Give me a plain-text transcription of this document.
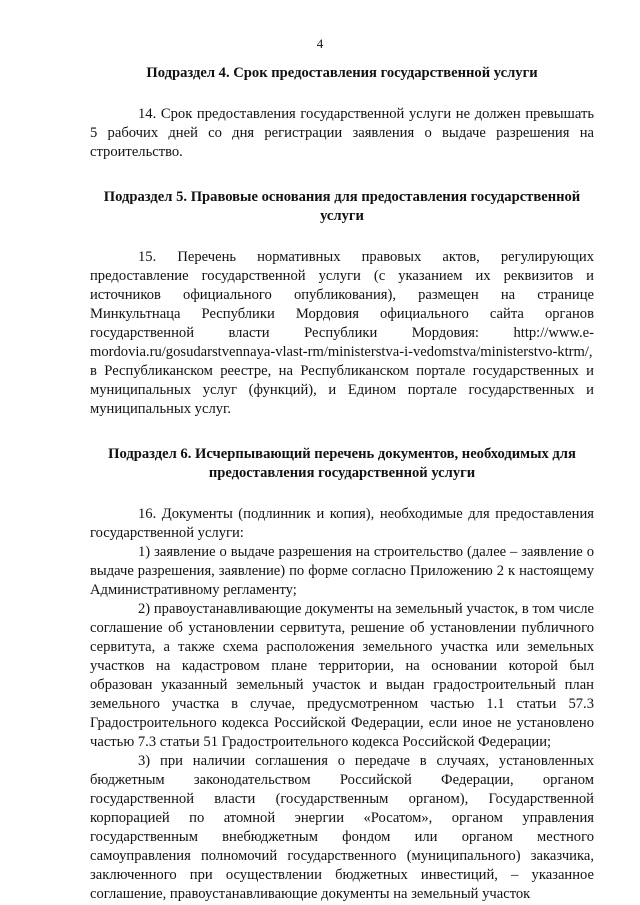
4
Подраздел 4. Срок предоставления государственной услуги

14. Срок предоставления государственной услуги не должен превышать 5 рабочих дней со дня регистрации заявления о выдаче разрешения на строительство.

Подраздел 5. Правовые основания для предоставления государственной услуги

15. Перечень нормативных правовых актов, регулирующих предоставление государственной услуги (с указанием их реквизитов и источников официального опубликования), размещен на странице Минкультнаца Республики Мордовия официального сайта органов государственной власти Республики Мордовия: http://www.e-mordovia.ru/gosudarstvennaya-vlast-rm/ministerstva-i-vedomstva/ministerstvo-ktrm/, в Республиканском реестре, на Республиканском портале государственных и муниципальных услуг (функций), и Едином портале государственных и муниципальных услуг.

Подраздел 6. Исчерпывающий перечень документов, необходимых для предоставления государственной услуги

16. Документы (подлинник и копия), необходимые для предоставления государственной услуги:

1) заявление о выдаче разрешения на строительство (далее – заявление о выдаче разрешения, заявление) по форме согласно Приложению 2 к настоящему Административному регламенту;

2) правоустанавливающие документы на земельный участок, в том числе соглашение об установлении сервитута, решение об установлении публичного сервитута, а также схема расположения земельного участка или земельных участков на кадастровом плане территории, на основании которой был образован указанный земельный участок и выдан градостроительный план земельного участка в случае, предусмотренном частью 1.1 статьи 57.3 Градостроительного кодекса Российской Федерации, если иное не установлено частью 7.3 статьи 51 Градостроительного кодекса Российской Федерации;

3) при наличии соглашения о передаче в случаях, установленных бюджетным законодательством Российской Федерации, органом государственной власти (государственным органом), Государственной корпорацией по атомной энергии «Росатом», органом управления государственным внебюджетным фондом или органом местного самоуправления полномочий государственного (муниципального) заказчика, заключенного при осуществлении бюджетных инвестиций, – указанное соглашение, правоустанавливающие документы на земельный участок
